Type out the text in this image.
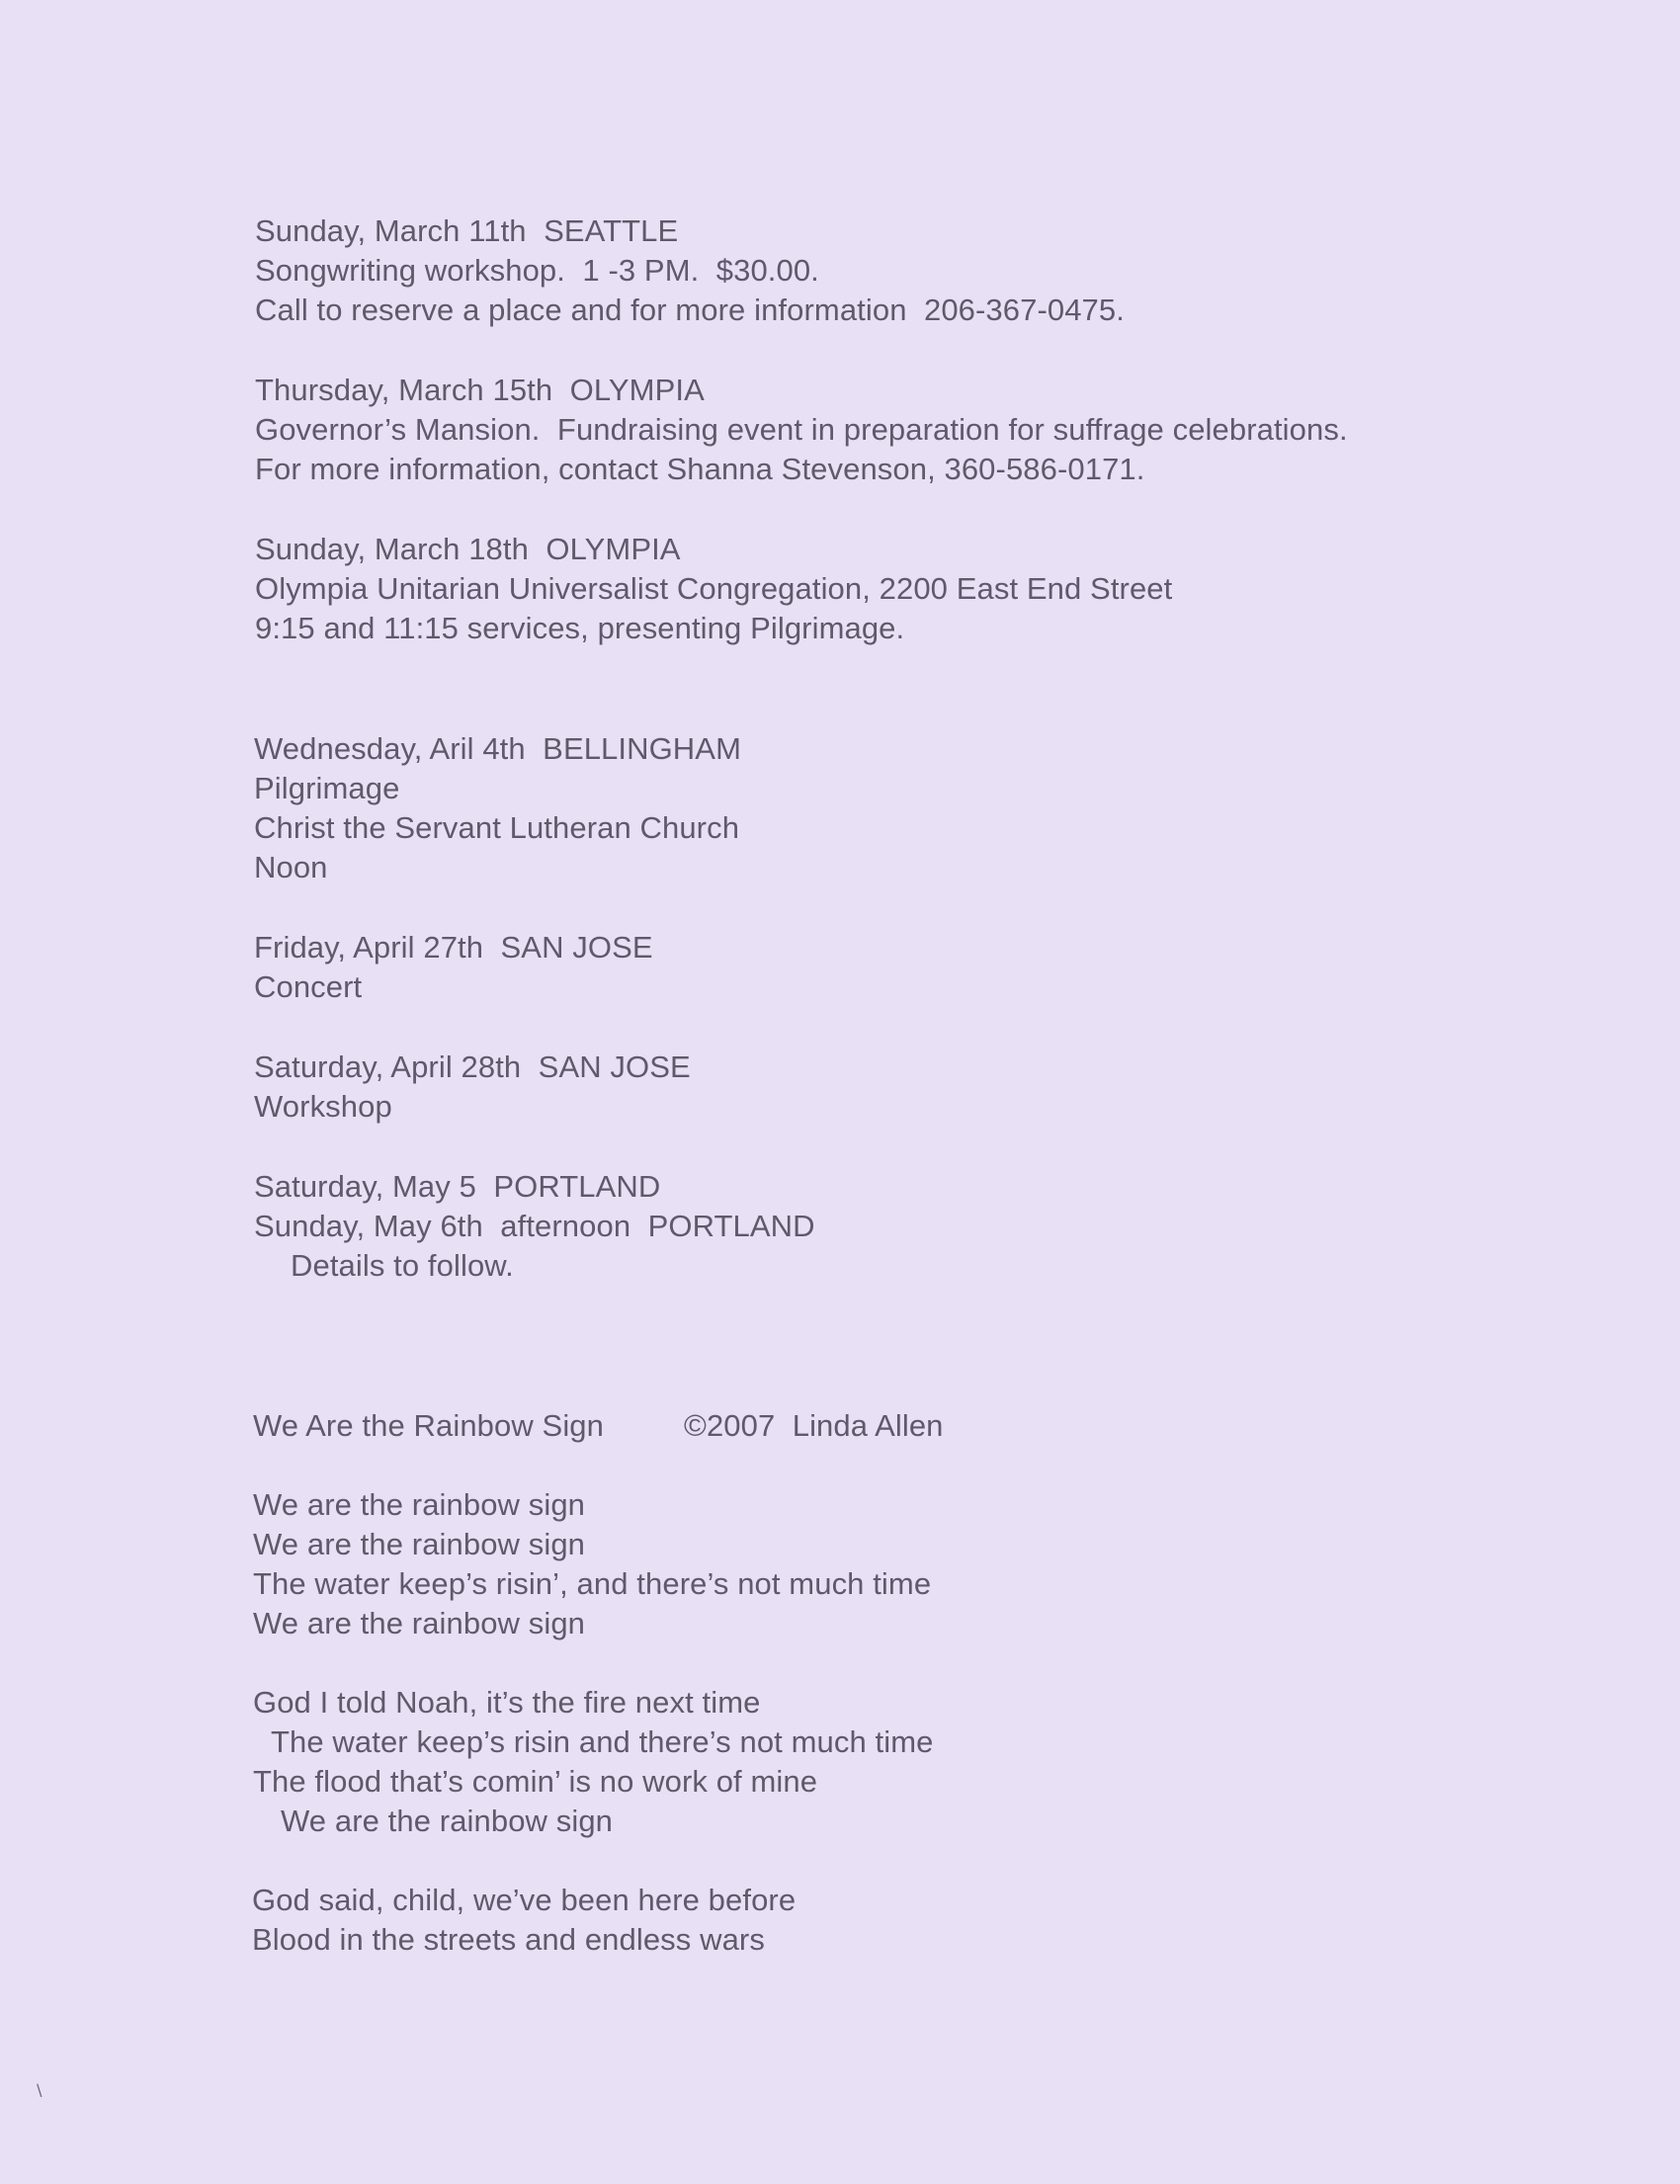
Sunday, March 11th  SEATTLE
Songwriting workshop.  1 -3 PM.  $30.00.
Call to reserve a place and for more information  206-367-0475.
Thursday, March 15th  OLYMPIA
Governor’s Mansion.  Fundraising event in preparation for suffrage celebrations.
For more information, contact Shanna Stevenson, 360-586-0171.
Sunday, March 18th  OLYMPIA
Olympia Unitarian Universalist Congregation, 2200 East End Street
9:15 and 11:15 services, presenting Pilgrimage.
Wednesday, Aril 4th  BELLINGHAM
Pilgrimage
Christ the Servant Lutheran Church
Noon
Friday, April 27th  SAN JOSE
Concert
Saturday, April 28th  SAN JOSE
Workshop
Saturday, May 5  PORTLAND
Sunday, May 6th  afternoon  PORTLAND
Details to follow.
We Are the Rainbow Sign	©2007  Linda Allen
We are the rainbow sign
We are the rainbow sign
The water keep’s risin’, and there’s not much time
We are the rainbow sign
God I told Noah, it’s the fire next time
The water keep’s risin and there’s not much time
The flood that’s comin’ is no work of mine
We are the rainbow sign
God said, child, we’ve been here before
Blood in the streets and endless wars
∖
